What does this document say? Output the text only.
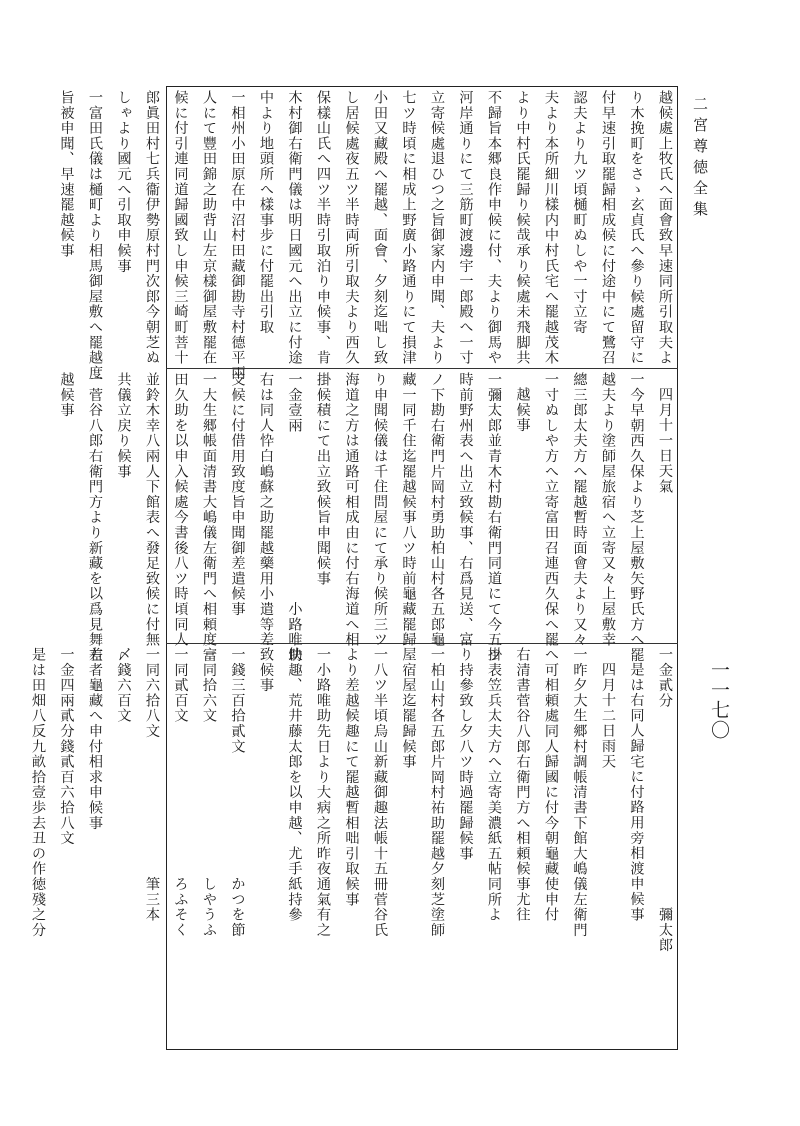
二宮尊徳全集
一一七〇
越候處上牧氏へ面會致早速同所引取夫よ
り木挽町をさゝ玄貞氏へ參り候處留守に
付早速引取罷歸相成候に付途中にて鷺召
認夫より九ツ頃樋町ぬしや一寸立寄
夫より本所細川樣内中村氏宅へ罷越茂木
より中村氏罷歸り候哉承り候處未飛脚共
不歸旨本郷良作申候に付、夫より御馬や
河岸通りにて三筋町渡邊宇一郎殿へ一寸
立寄候處退ひつ之旨御家内申聞、夫より
七ツ時頃に相成上野廣小路通りにて損津
小田又藏殿へ罷越、面會、夕刻迄咄し致
し居候處夜五ツ半時両所引取夫より西久
保樣山氏へ四ツ半時引取泊り申候事、肯
木村御右衛門儀は明日國元へ出立に付途
中より地頭所へ樣事步に付罷出引取
一相州小田原在中沼村田藏御勘寺村德平兩
人にて豐田錦之助背山左京樣御屋敷罷在
候に付引連同道歸國致し申候三崎町菩十
郎眞田村七兵衞伊勢原村門次郎今朝芝ぬ
しゃより國元へ引取申候事
一富田氏儀は樋町より相馬御屋敷へ罷越度
旨被申聞、早速罷越候事
四月十一日天氣
一今早朝西久保より芝上屋敷矢野氏方へ罷
越夫より塗師屋旅宿へ立寄又々上屋敷幸
總三郎太夫方へ罷越暫時面會夫より又々
一寸ぬしや方へ立寄富田召連西久保へ罷
越候事
一彌太郎並青木村勘右衛門同道にて今五ツ
時前野州表へ出立致候事、右爲見送、富
ノ下勘右衛門片岡村勇助柏山村各五郎龜
藏一同千住迄罷越候事八ツ時前龜藏罷歸
り申聞候儀は千住問屋にて承り候所三ツ
海道之方は通路可相成由に付右海道へ相
掛候積にて出立致候旨申聞候事
一金壹兩　　　　　　　　　　　小路唯助
右は同人忰白嶋蘇之助罷越藥用小遣等差
支候に付借用致度旨申聞御差遣候事
一大生郷帳面清書大嶋儀左衛門へ相頼度富
田久助を以申入候處今書後八ツ時頃同人
並鈴木幸八兩人下館表へ發足致候に付無
共儀立戻り候事
一菅谷八郎右衛門方より新藏を以爲見舞差
越候事
一金貳分　　　　　　　　　　　　　彌太郎
是は右同人歸宅に付路用旁相渡申候事
四月十二日雨天
一昨夕大生郷村調帳清書下館大嶋儀左衛門
へ可相頼處同人歸國に付今朝龜藏使申付
右清書菅谷八郎右衛門方へ相頼候事尤往
掛表笠兵太夫方へ立寄美濃紙五帖同所よ
り持參致し夕八ツ時過罷歸候事
一柏山村各五郎片岡村祐助罷越夕刻芝塗師
屋宿屋迄罷歸候事
一八ツ半頃烏山新藏御趣法帳十五冊菅谷氏
より差越候趣にて罷越暫相咄引取候事
一小路唯助先日より大病之所昨夜通氣有之
快趣、荒井藤太郎を以申越、尤手紙持參
致候事
一錢三百拾貳文　　　　　　　　かつを節
一同拾六文　　　　　　　　　　しやうふ
一同貳百文　　　　　　　　　　ろふそく
一同六拾八文　　　　　　　　　筆三本
〆錢六百文
右者龜藏へ申付相求申候事
一金四兩貳分錢貳百六拾八文
是は田畑八反九畝拾壹歩去丑の作徳殘之分
